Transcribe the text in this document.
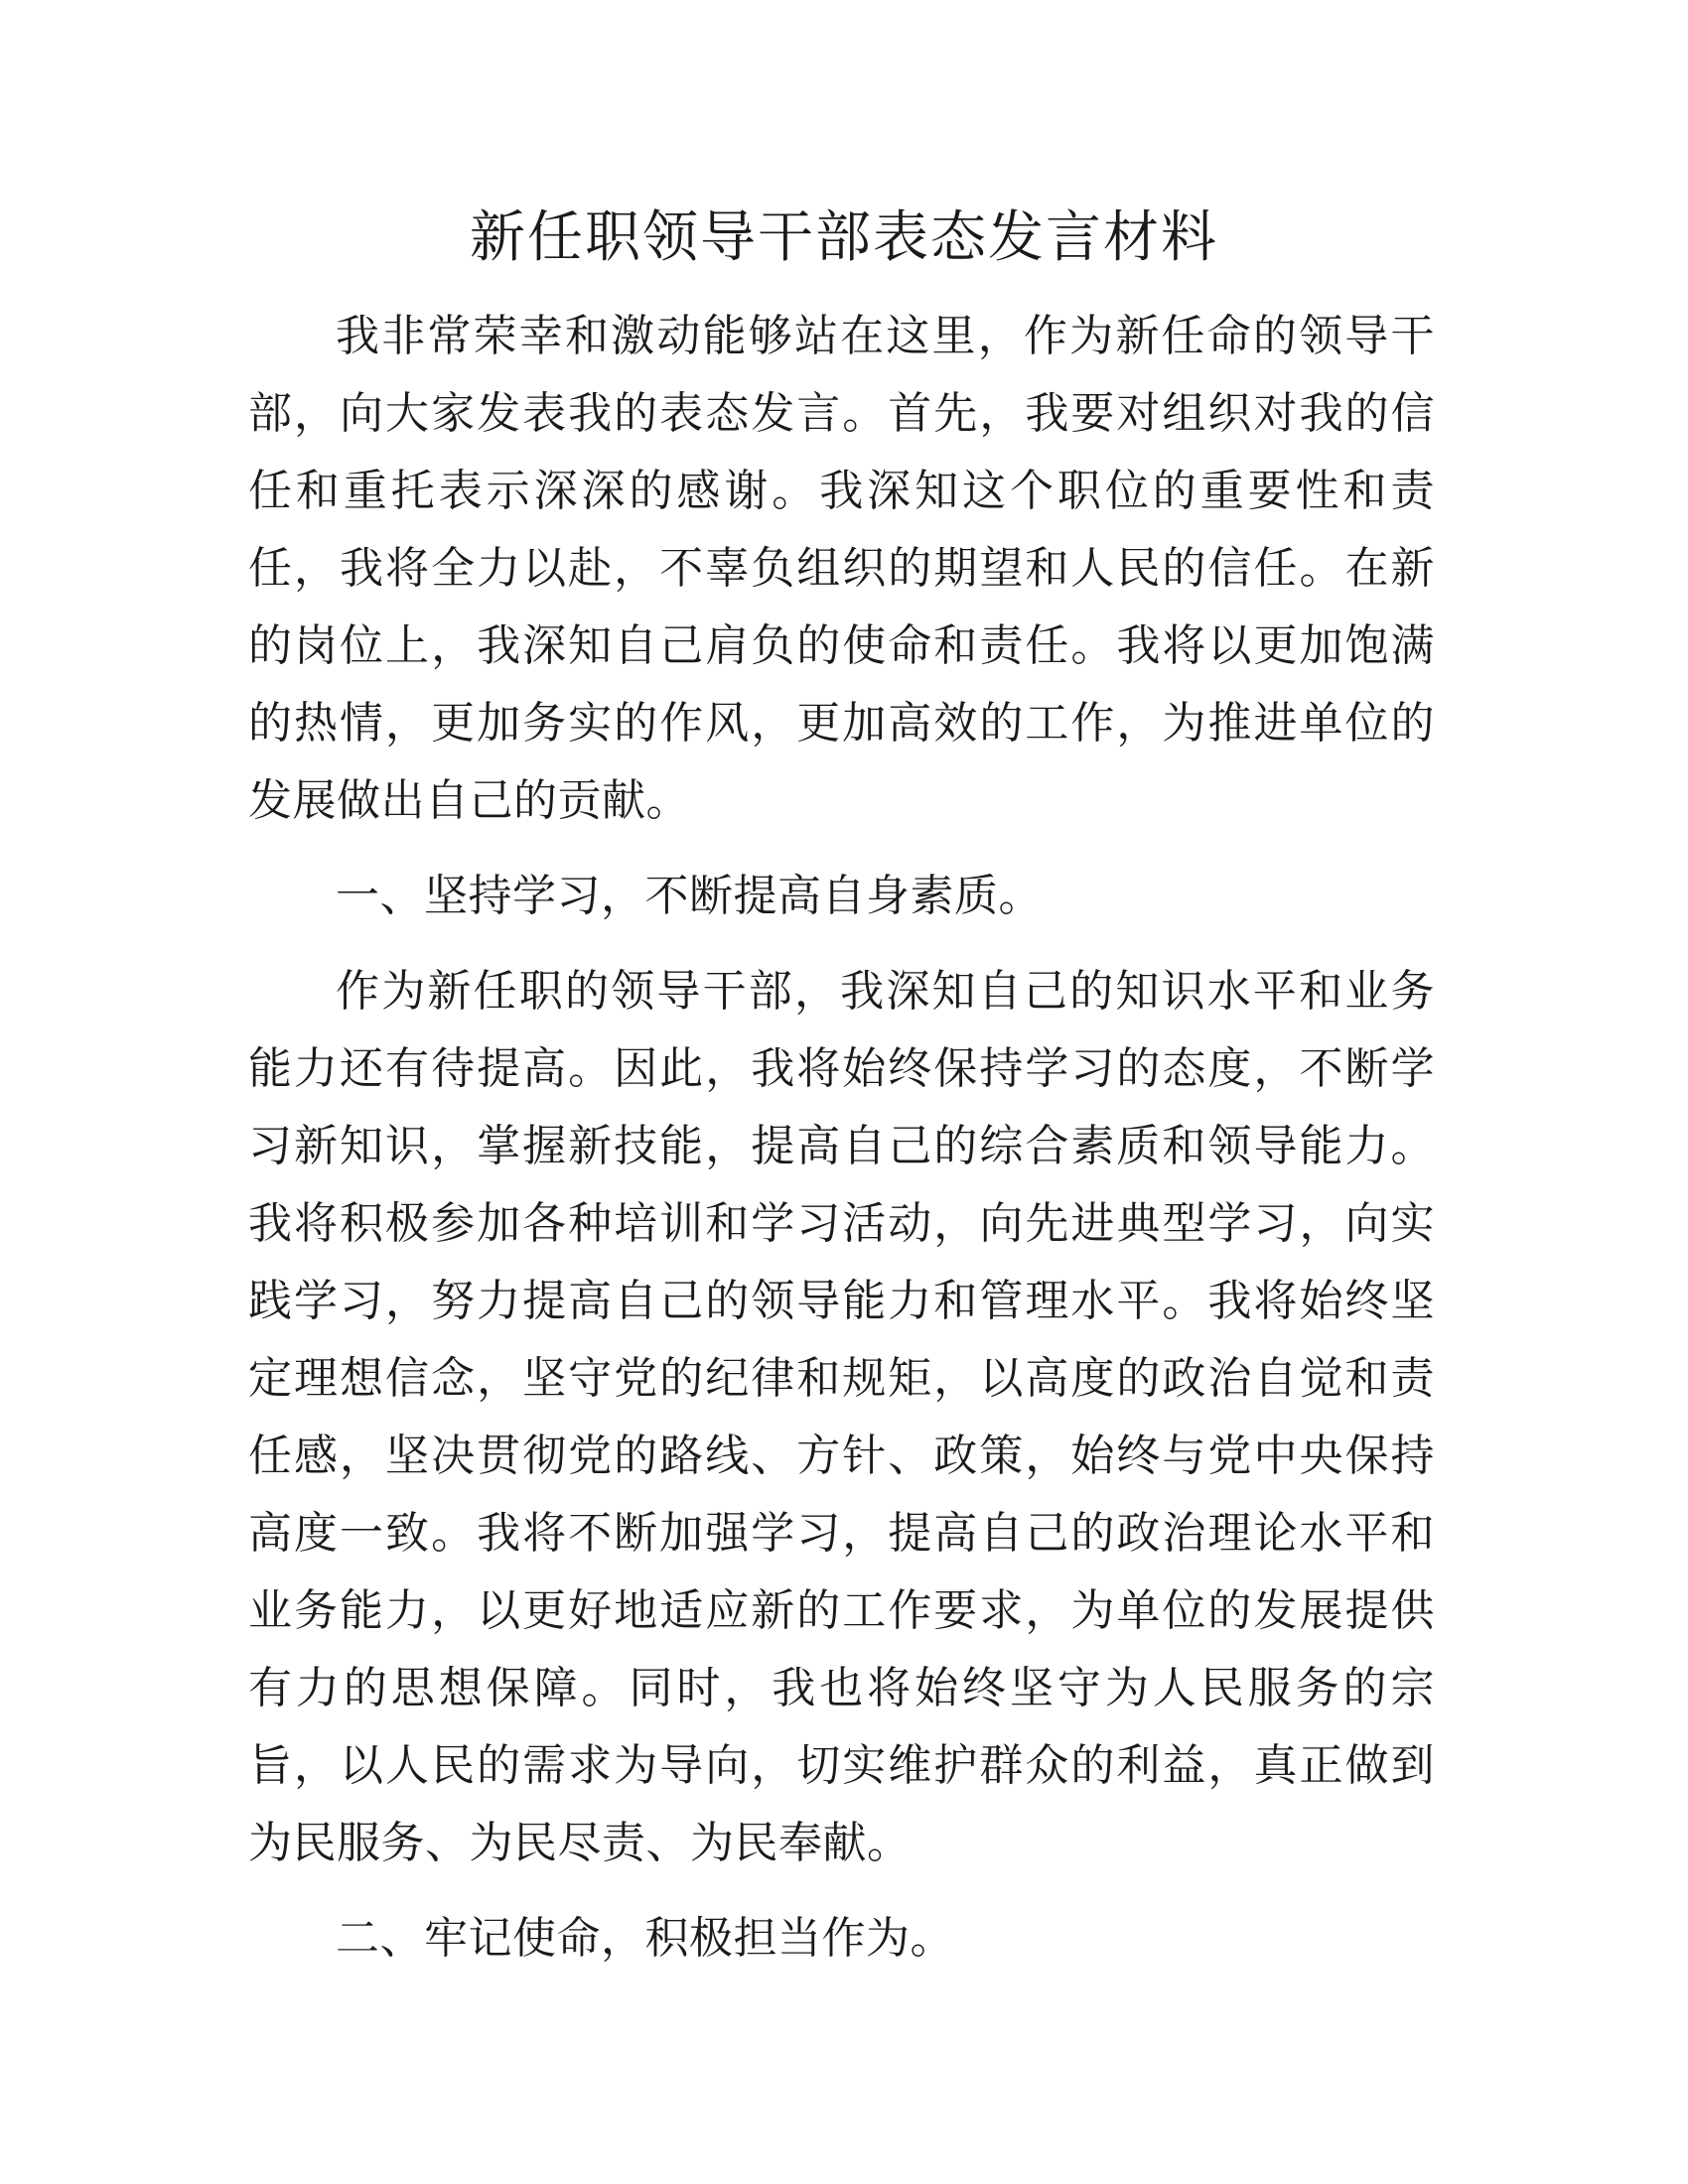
新任职领导干部表态发言材料

我非常荣幸和激动能够站在这里，作为新任命的领导干部，向大家发表我的表态发言。首先，我要对组织对我的信任和重托表示深深的感谢。我深知这个职位的重要性和责任，我将全力以赴，不辜负组织的期望和人民的信任。在新的岗位上，我深知自己肩负的使命和责任。我将以更加饱满的热情，更加务实的作风，更加高效的工作，为推进单位的发展做出自己的贡献。

一、坚持学习，不断提高自身素质。

作为新任职的领导干部，我深知自己的知识水平和业务能力还有待提高。因此，我将始终保持学习的态度，不断学习新知识，掌握新技能，提高自己的综合素质和领导能力。我将积极参加各种培训和学习活动，向先进典型学习，向实践学习，努力提高自己的领导能力和管理水平。我将始终坚定理想信念，坚守党的纪律和规矩，以高度的政治自觉和责任感，坚决贯彻党的路线、方针、政策，始终与党中央保持高度一致。我将不断加强学习，提高自己的政治理论水平和业务能力，以更好地适应新的工作要求，为单位的发展提供有力的思想保障。同时，我也将始终坚守为人民服务的宗旨，以人民的需求为导向，切实维护群众的利益，真正做到为民服务、为民尽责、为民奉献。

二、牢记使命，积极担当作为。
